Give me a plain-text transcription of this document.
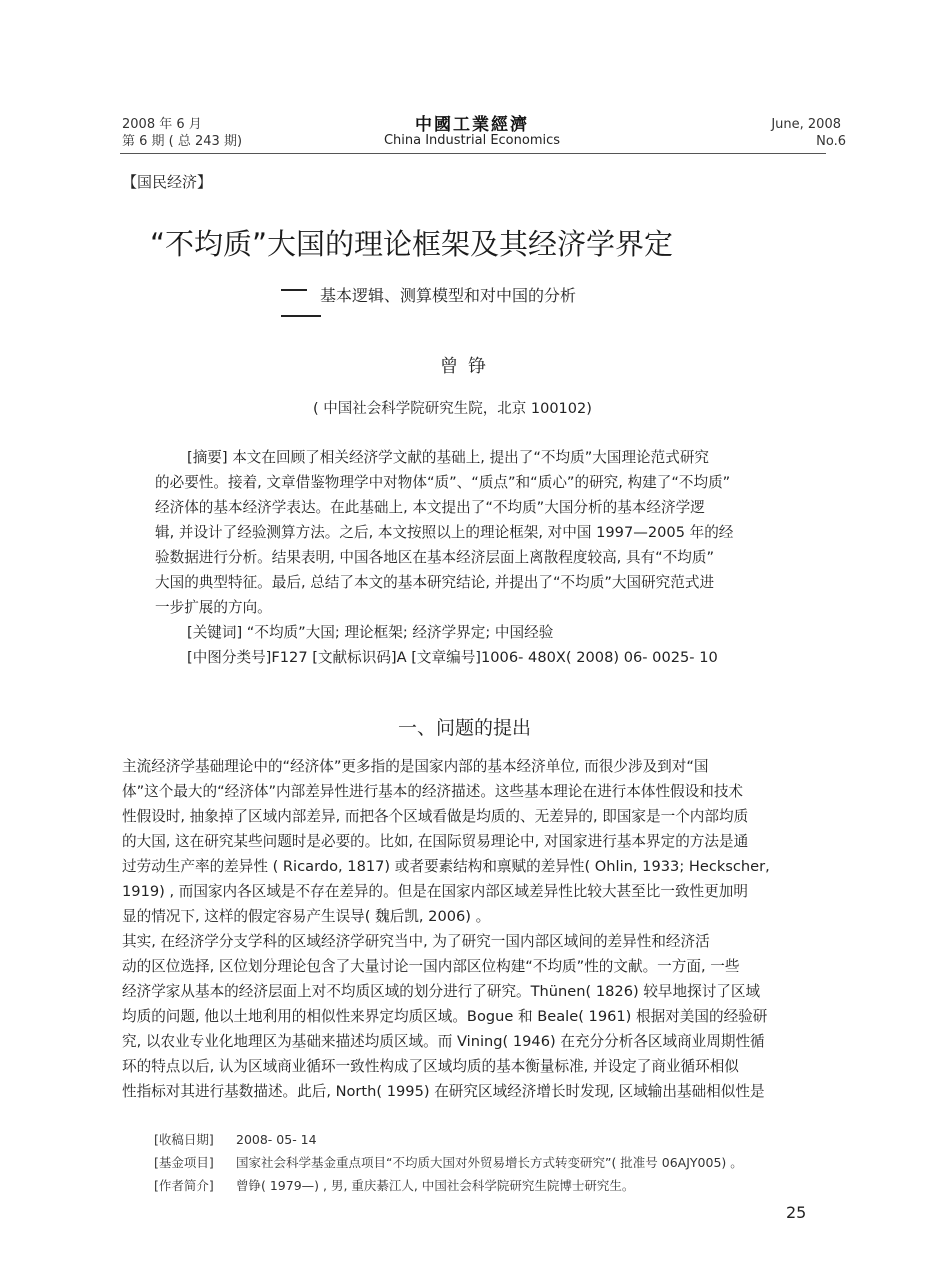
2008 年 6 月
第 6 期 ( 总 243 期)
中國工業經濟
China Industrial Economics
June, 2008
No.6
【国民经济】
“不均质”大国的理论框架及其经济学界定
基本逻辑、测算模型和对中国的分析
曾铮
( 中国社会科学院研究生院，北京 100102)
[摘要] 本文在回顾了相关经济学文献的基础上, 提出了“不均质”大国理论范式研究
的必要性。接着, 文章借鉴物理学中对物体“质”、“质点”和“质心”的研究, 构建了“不均质”
经济体的基本经济学表达。在此基础上, 本文提出了“不均质”大国分析的基本经济学逻
辑, 并设计了经验测算方法。之后, 本文按照以上的理论框架, 对中国 1997—2005 年的经
验数据进行分析。结果表明, 中国各地区在基本经济层面上离散程度较高, 具有“不均质”
大国的典型特征。最后, 总结了本文的基本研究结论, 并提出了“不均质”大国研究范式进
一步扩展的方向。
[关键词] “不均质”大国; 理论框架; 经济学界定; 中国经验
[中图分类号]F127 [文献标识码]A [文章编号]1006- 480X( 2008) 06- 0025- 10
一、问题的提出
主流经济学基础理论中的“经济体”更多指的是国家内部的基本经济单位, 而很少涉及到对“国
体”这个最大的“经济体”内部差异性进行基本的经济描述。这些基本理论在进行本体性假设和技术
性假设时, 抽象掉了区域内部差异, 而把各个区域看做是均质的、无差异的, 即国家是一个内部均质
的大国, 这在研究某些问题时是必要的。比如, 在国际贸易理论中, 对国家进行基本界定的方法是通
过劳动生产率的差异性 ( Ricardo, 1817) 或者要素结构和禀赋的差异性( Ohlin, 1933; Heckscher,
1919) , 而国家内各区域是不存在差异的。但是在国家内部区域差异性比较大甚至比一致性更加明
显的情况下, 这样的假定容易产生误导( 魏后凯, 2006) 。
其实, 在经济学分支学科的区域经济学研究当中, 为了研究一国内部区域间的差异性和经济活
动的区位选择, 区位划分理论包含了大量讨论一国内部区位构建“不均质”性的文献。一方面, 一些
经济学家从基本的经济层面上对不均质区域的划分进行了研究。Thünen( 1826) 较早地探讨了区域
均质的问题, 他以土地利用的相似性来界定均质区域。Bogue 和 Beale( 1961) 根据对美国的经验研
究, 以农业专业化地理区为基础来描述均质区域。而 Vining( 1946) 在充分分析各区域商业周期性循
环的特点以后, 认为区域商业循环一致性构成了区域均质的基本衡量标准, 并设定了商业循环相似
性指标对其进行基数描述。此后, North( 1995) 在研究区域经济增长时发现, 区域输出基础相似性是
[收稿日期] 2008- 05- 14
[基金项目] 国家社会科学基金重点项目“不均质大国对外贸易增长方式转变研究”( 批准号 06AJY005) 。
[作者简介] 曾铮( 1979—) , 男, 重庆綦江人, 中国社会科学院研究生院博士研究生。
25
